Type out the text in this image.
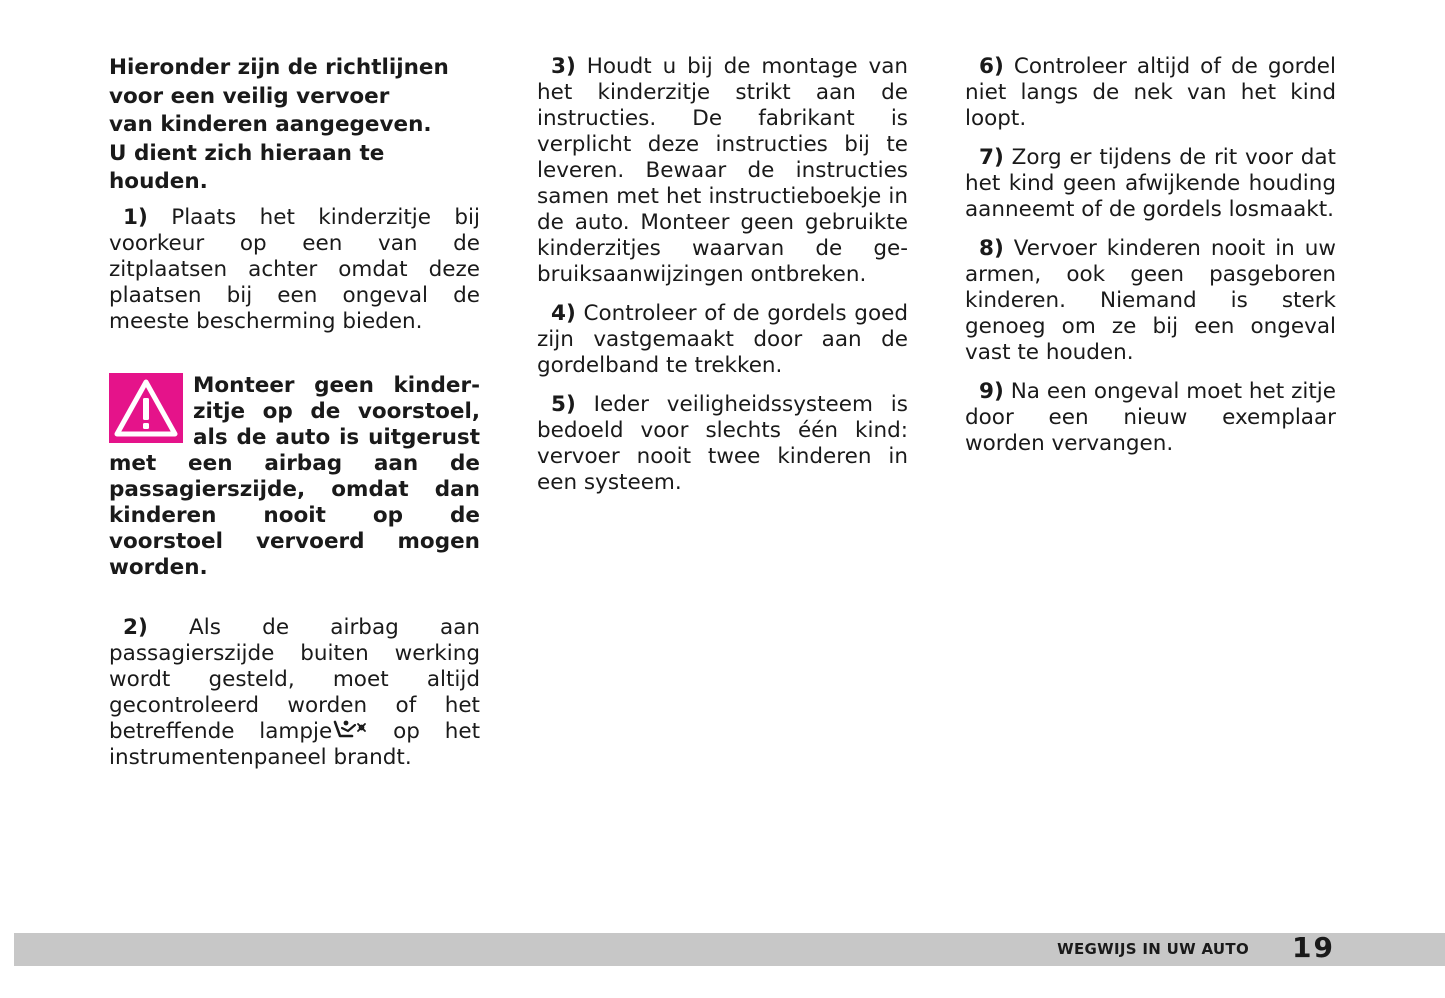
Hieronder zijn de richtlijnen
voor een veilig vervoer
van kinderen aangegeven.
U dient zich hieraan te houden.

1) Plaats het kinderzitje bij voorkeur op een van de zitplaatsen achter omdat deze plaatsen bij een ongeval de meeste bescherming bieden.

Monteer geen kinderzitje op de voorstoel, als de auto is uitgerust met een airbag aan de passagierszijde, omdat dan kinderen nooit op de voorstoel vervoerd mogen worden.

2) Als de airbag aan passagierszijde buiten werking wordt gesteld, moet altijd gecontroleerd worden of het betreffende lampje op het instrumentenpaneel brandt.

3) Houdt u bij de montage van het kinderzitje strikt aan de instructies. De fabrikant is verplicht deze instructies bij te leveren. Bewaar de instructies samen met het instructieboekje in de auto. Monteer geen gebruikte kinderzitjes waarvan de gebruiksaanwijzingen ontbreken.

4) Controleer of de gordels goed zijn vastgemaakt door aan de gordelband te trekken.

5) Ieder veiligheidssysteem is bedoeld voor slechts één kind: vervoer nooit twee kinderen in een systeem.

6) Controleer altijd of de gordel niet langs de nek van het kind loopt.

7) Zorg er tijdens de rit voor dat het kind geen afwijkende houding aanneemt of de gordels losmaakt.

8) Vervoer kinderen nooit in uw armen, ook geen pasgeboren kinderen. Niemand is sterk genoeg om ze bij een ongeval vast te houden.

9) Na een ongeval moet het zitje door een nieuw exemplaar worden vervangen.

WEGWIJS IN UW AUTO 19
